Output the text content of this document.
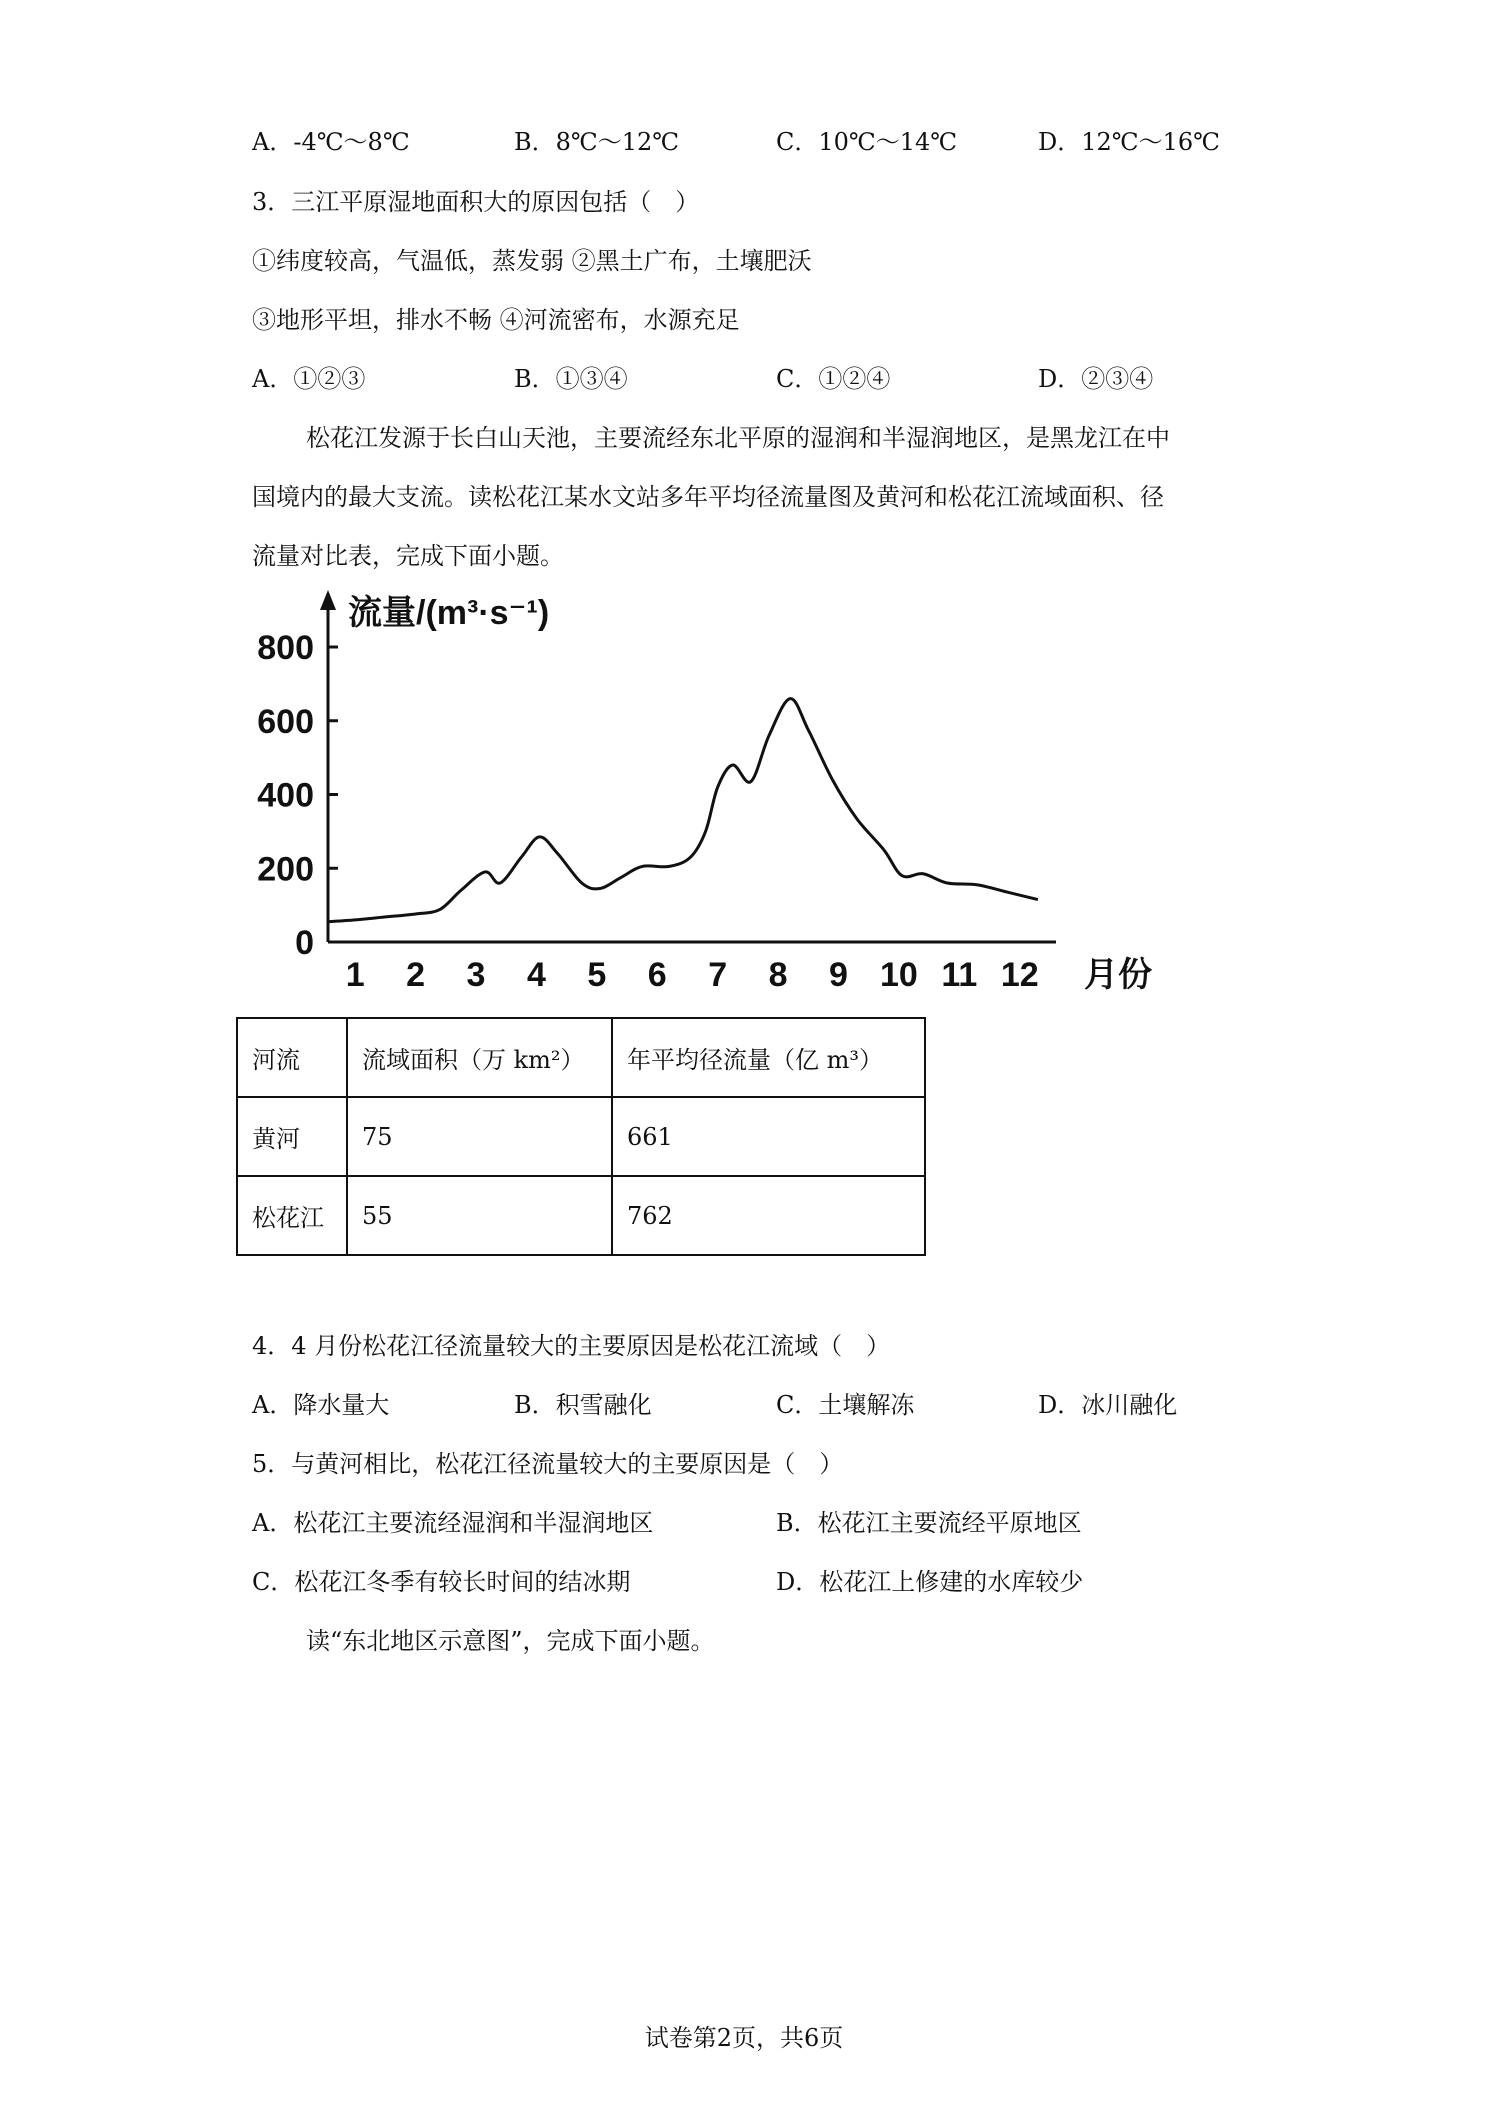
A．-4℃～8℃	B．8℃～12℃	C．10℃～14℃	D．12℃～16℃
3．三江平原湿地面积大的原因包括（　）
①纬度较高，气温低，蒸发弱 ②黑土广布，土壤肥沃
③地形平坦，排水不畅 ④河流密布，水源充足
A．①②③	B．①③④	C．①②④	D．②③④
松花江发源于长白山天池，主要流经东北平原的湿润和半湿润地区，是黑龙江在中
国境内的最大支流。读松花江某水文站多年平均径流量图及黄河和松花江流域面积、径
流量对比表，完成下面小题。
0
200
400
600
800
1 2 3 4 5 6 7 8 9 10 11 12
流量/(m³·s⁻¹)
月份
河流	流域面积（万 km²）	年平均径流量（亿 m³）
黄河	75	661
松花江	55	762
4．4 月份松花江径流量较大的主要原因是松花江流域（　）
A．降水量大	B．积雪融化	C．土壤解冻	D．冰川融化
5．与黄河相比，松花江径流量较大的主要原因是（　）
A．松花江主要流经湿润和半湿润地区	B．松花江主要流经平原地区
C．松花江冬季有较长时间的结冰期	D．松花江上修建的水库较少
读“东北地区示意图”，完成下面小题。
试卷第2页，共6页
